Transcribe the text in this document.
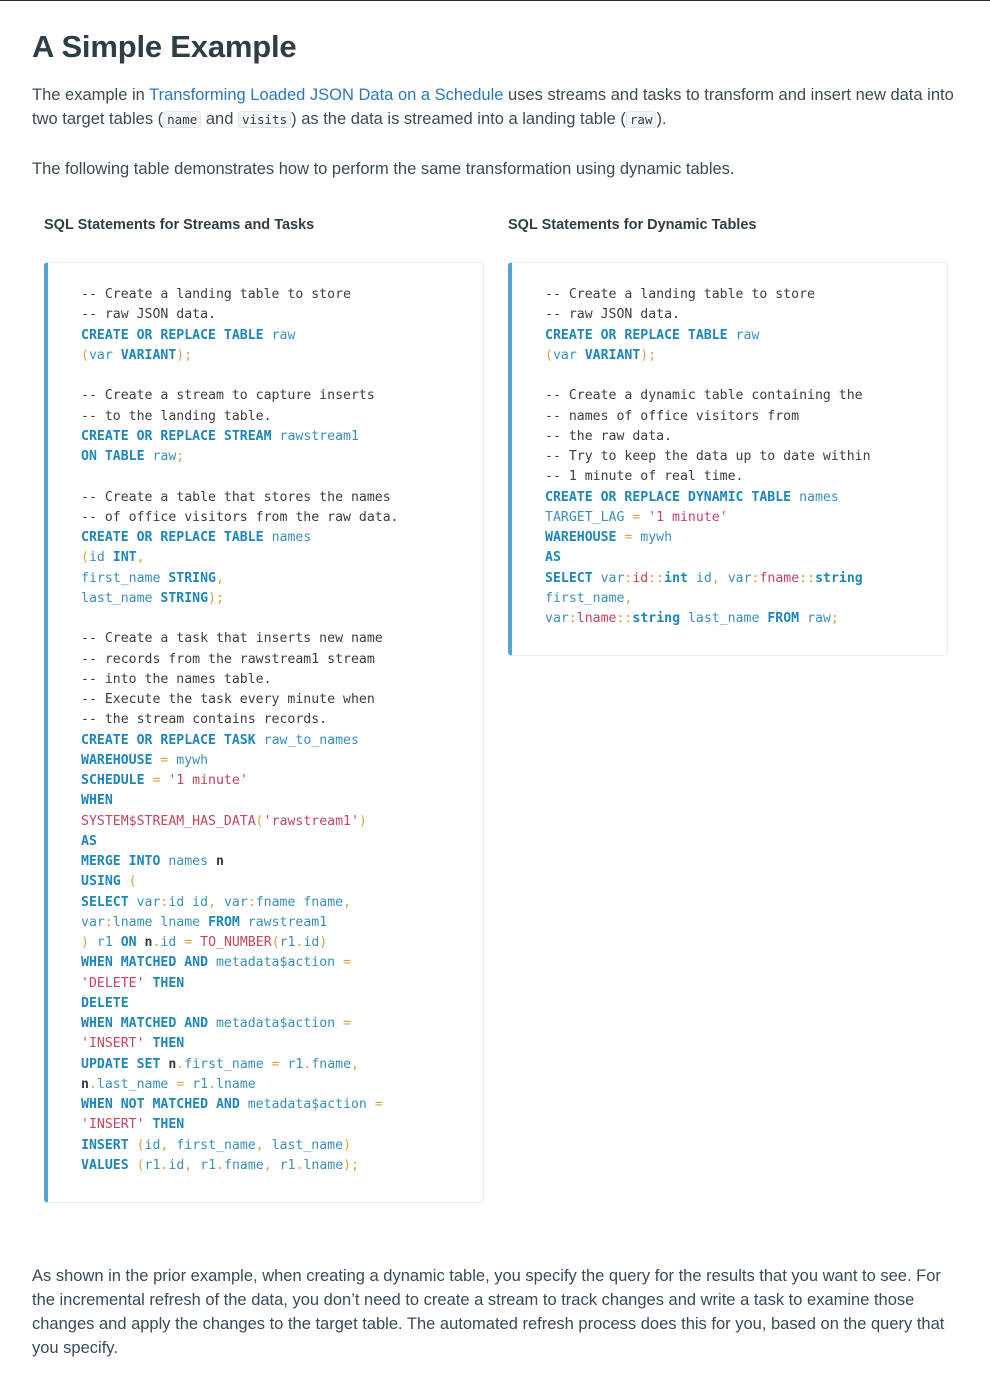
A Simple Example

The example in Transforming Loaded JSON Data on a Schedule uses streams and tasks to transform and insert new data into two target tables ( name and visits ) as the data is streamed into a landing table ( raw ).

The following table demonstrates how to perform the same transformation using dynamic tables.

SQL Statements for Streams and Tasks	SQL Statements for Dynamic Tables
-- Create a landing table to store
-- raw JSON data.
CREATE OR REPLACE TABLE raw
(var VARIANT);

-- Create a stream to capture inserts
-- to the landing table.
CREATE OR REPLACE STREAM rawstream1
ON TABLE raw;

-- Create a table that stores the names
-- of office visitors from the raw data.
CREATE OR REPLACE TABLE names
(id INT,
first_name STRING,
last_name STRING);

-- Create a task that inserts new name
-- records from the rawstream1 stream
-- into the names table.
-- Execute the task every minute when
-- the stream contains records.
CREATE OR REPLACE TASK raw_to_names
WAREHOUSE = mywh
SCHEDULE = '1 minute'
WHEN
SYSTEM$STREAM_HAS_DATA('rawstream1')
AS
MERGE INTO names n
USING (
SELECT var:id id, var:fname fname,
var:lname lname FROM rawstream1
) r1 ON n.id = TO_NUMBER(r1.id)
WHEN MATCHED AND metadata$action =
'DELETE' THEN
DELETE
WHEN MATCHED AND metadata$action =
'INSERT' THEN
UPDATE SET n.first_name = r1.fname,
n.last_name = r1.lname
WHEN NOT MATCHED AND metadata$action =
'INSERT' THEN
INSERT (id, first_name, last_name)
VALUES (r1.id, r1.fname, r1.lname);
-- Create a landing table to store
-- raw JSON data.
CREATE OR REPLACE TABLE raw
(var VARIANT);

-- Create a dynamic table containing the
-- names of office visitors from
-- the raw data.
-- Try to keep the data up to date within
-- 1 minute of real time.
CREATE OR REPLACE DYNAMIC TABLE names
TARGET_LAG = '1 minute'
WAREHOUSE = mywh
AS
SELECT var:id::int id, var:fname::string
first_name,
var:lname::string last_name FROM raw;

As shown in the prior example, when creating a dynamic table, you specify the query for the results that you want to see. For the incremental refresh of the data, you don’t need to create a stream to track changes and write a task to examine those changes and apply the changes to the target table. The automated refresh process does this for you, based on the query that you specify.
